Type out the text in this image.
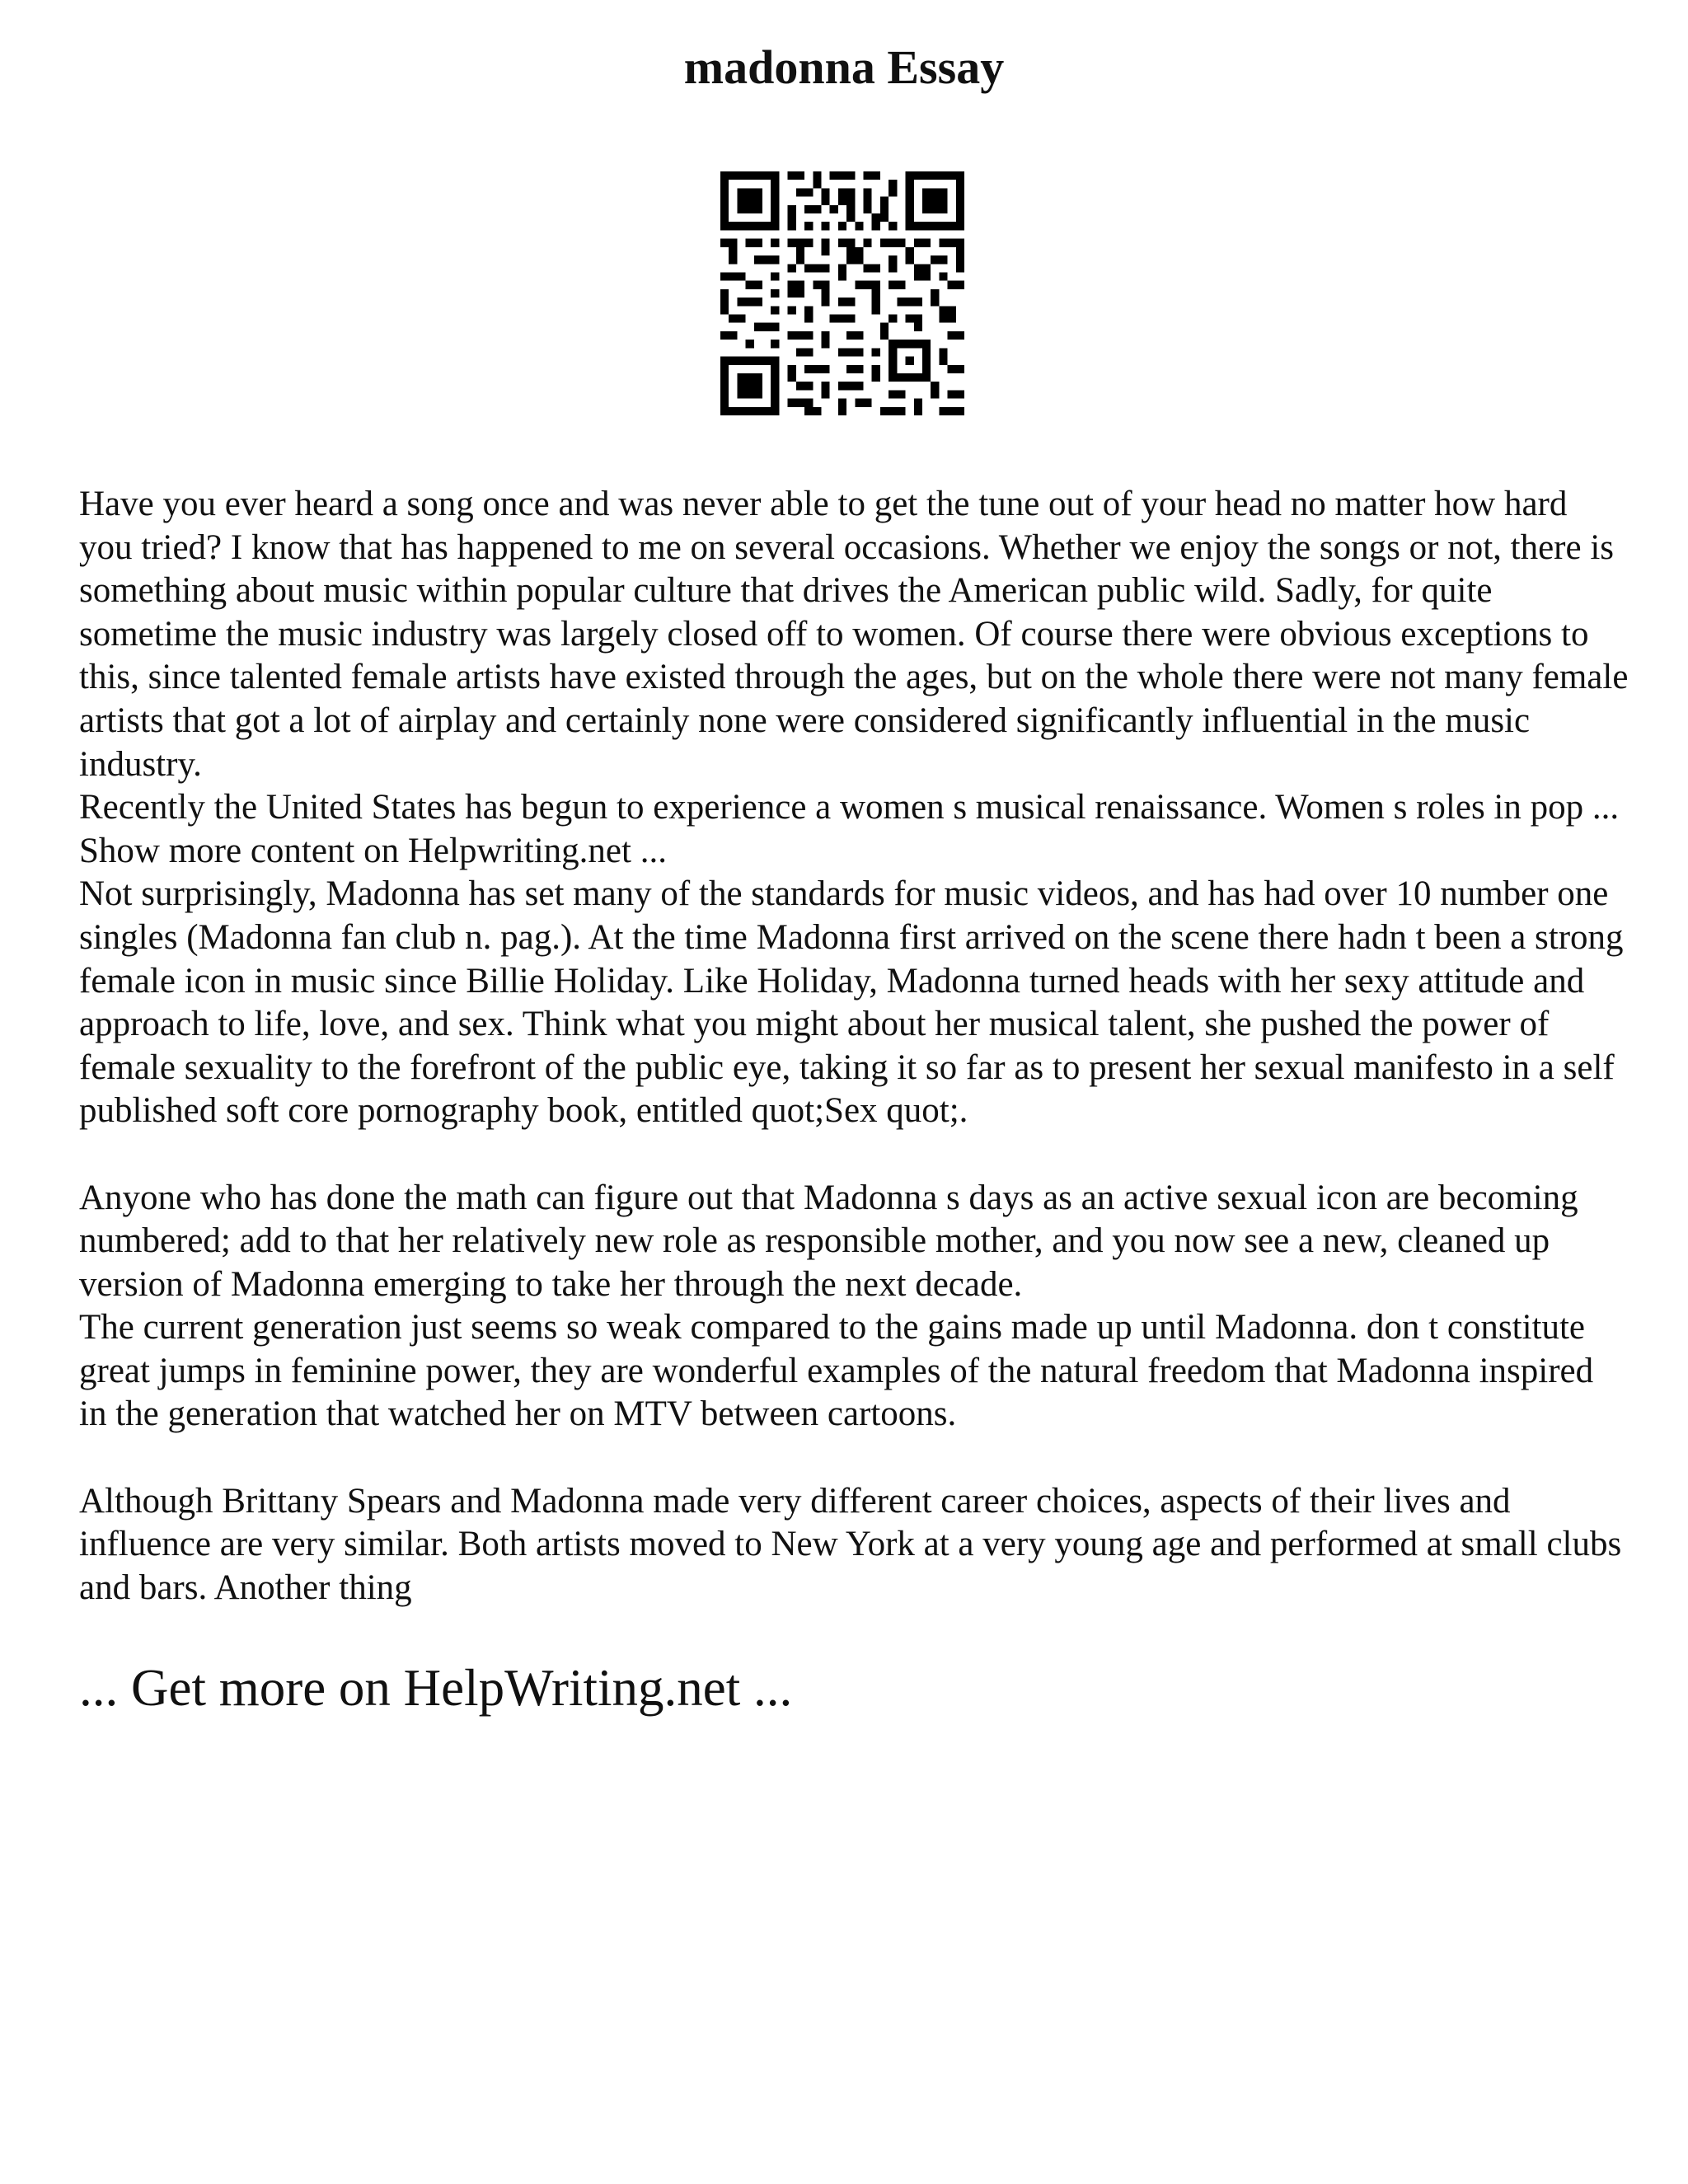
madonna Essay

Have you ever heard a song once and was never able to get the tune out of your head no matter how hard you tried? I know that has happened to me on several occasions. Whether we enjoy the songs or not, there is something about music within popular culture that drives the American public wild. Sadly, for quite sometime the music industry was largely closed off to women. Of course there were obvious exceptions to this, since talented female artists have existed through the ages, but on the whole there were not many female artists that got a lot of airplay and certainly none were considered significantly influential in the music industry.

Recently the United States has begun to experience a women s musical renaissance. Women s roles in pop ... Show more content on Helpwriting.net ...

Not surprisingly, Madonna has set many of the standards for music videos, and has had over 10 number one singles (Madonna fan club n. pag.). At the time Madonna first arrived on the scene there hadn t been a strong female icon in music since Billie Holiday. Like Holiday, Madonna turned heads with her sexy attitude and approach to life, love, and sex. Think what you might about her musical talent, she pushed the power of female sexuality to the forefront of the public eye, taking it so far as to present her sexual manifesto in a self published soft core pornography book, entitled quot;Sex quot;.

Anyone who has done the math can figure out that Madonna s days as an active sexual icon are becoming numbered; add to that her relatively new role as responsible mother, and you now see a new, cleaned up version of Madonna emerging to take her through the next decade.

The current generation just seems so weak compared to the gains made up until Madonna. don t constitute great jumps in feminine power, they are wonderful examples of the natural freedom that Madonna inspired in the generation that watched her on MTV between cartoons.

Although Brittany Spears and Madonna made very different career choices, aspects of their lives and influence are very similar. Both artists moved to New York at a very young age and performed at small clubs and bars. Another thing

... Get more on HelpWriting.net ...
